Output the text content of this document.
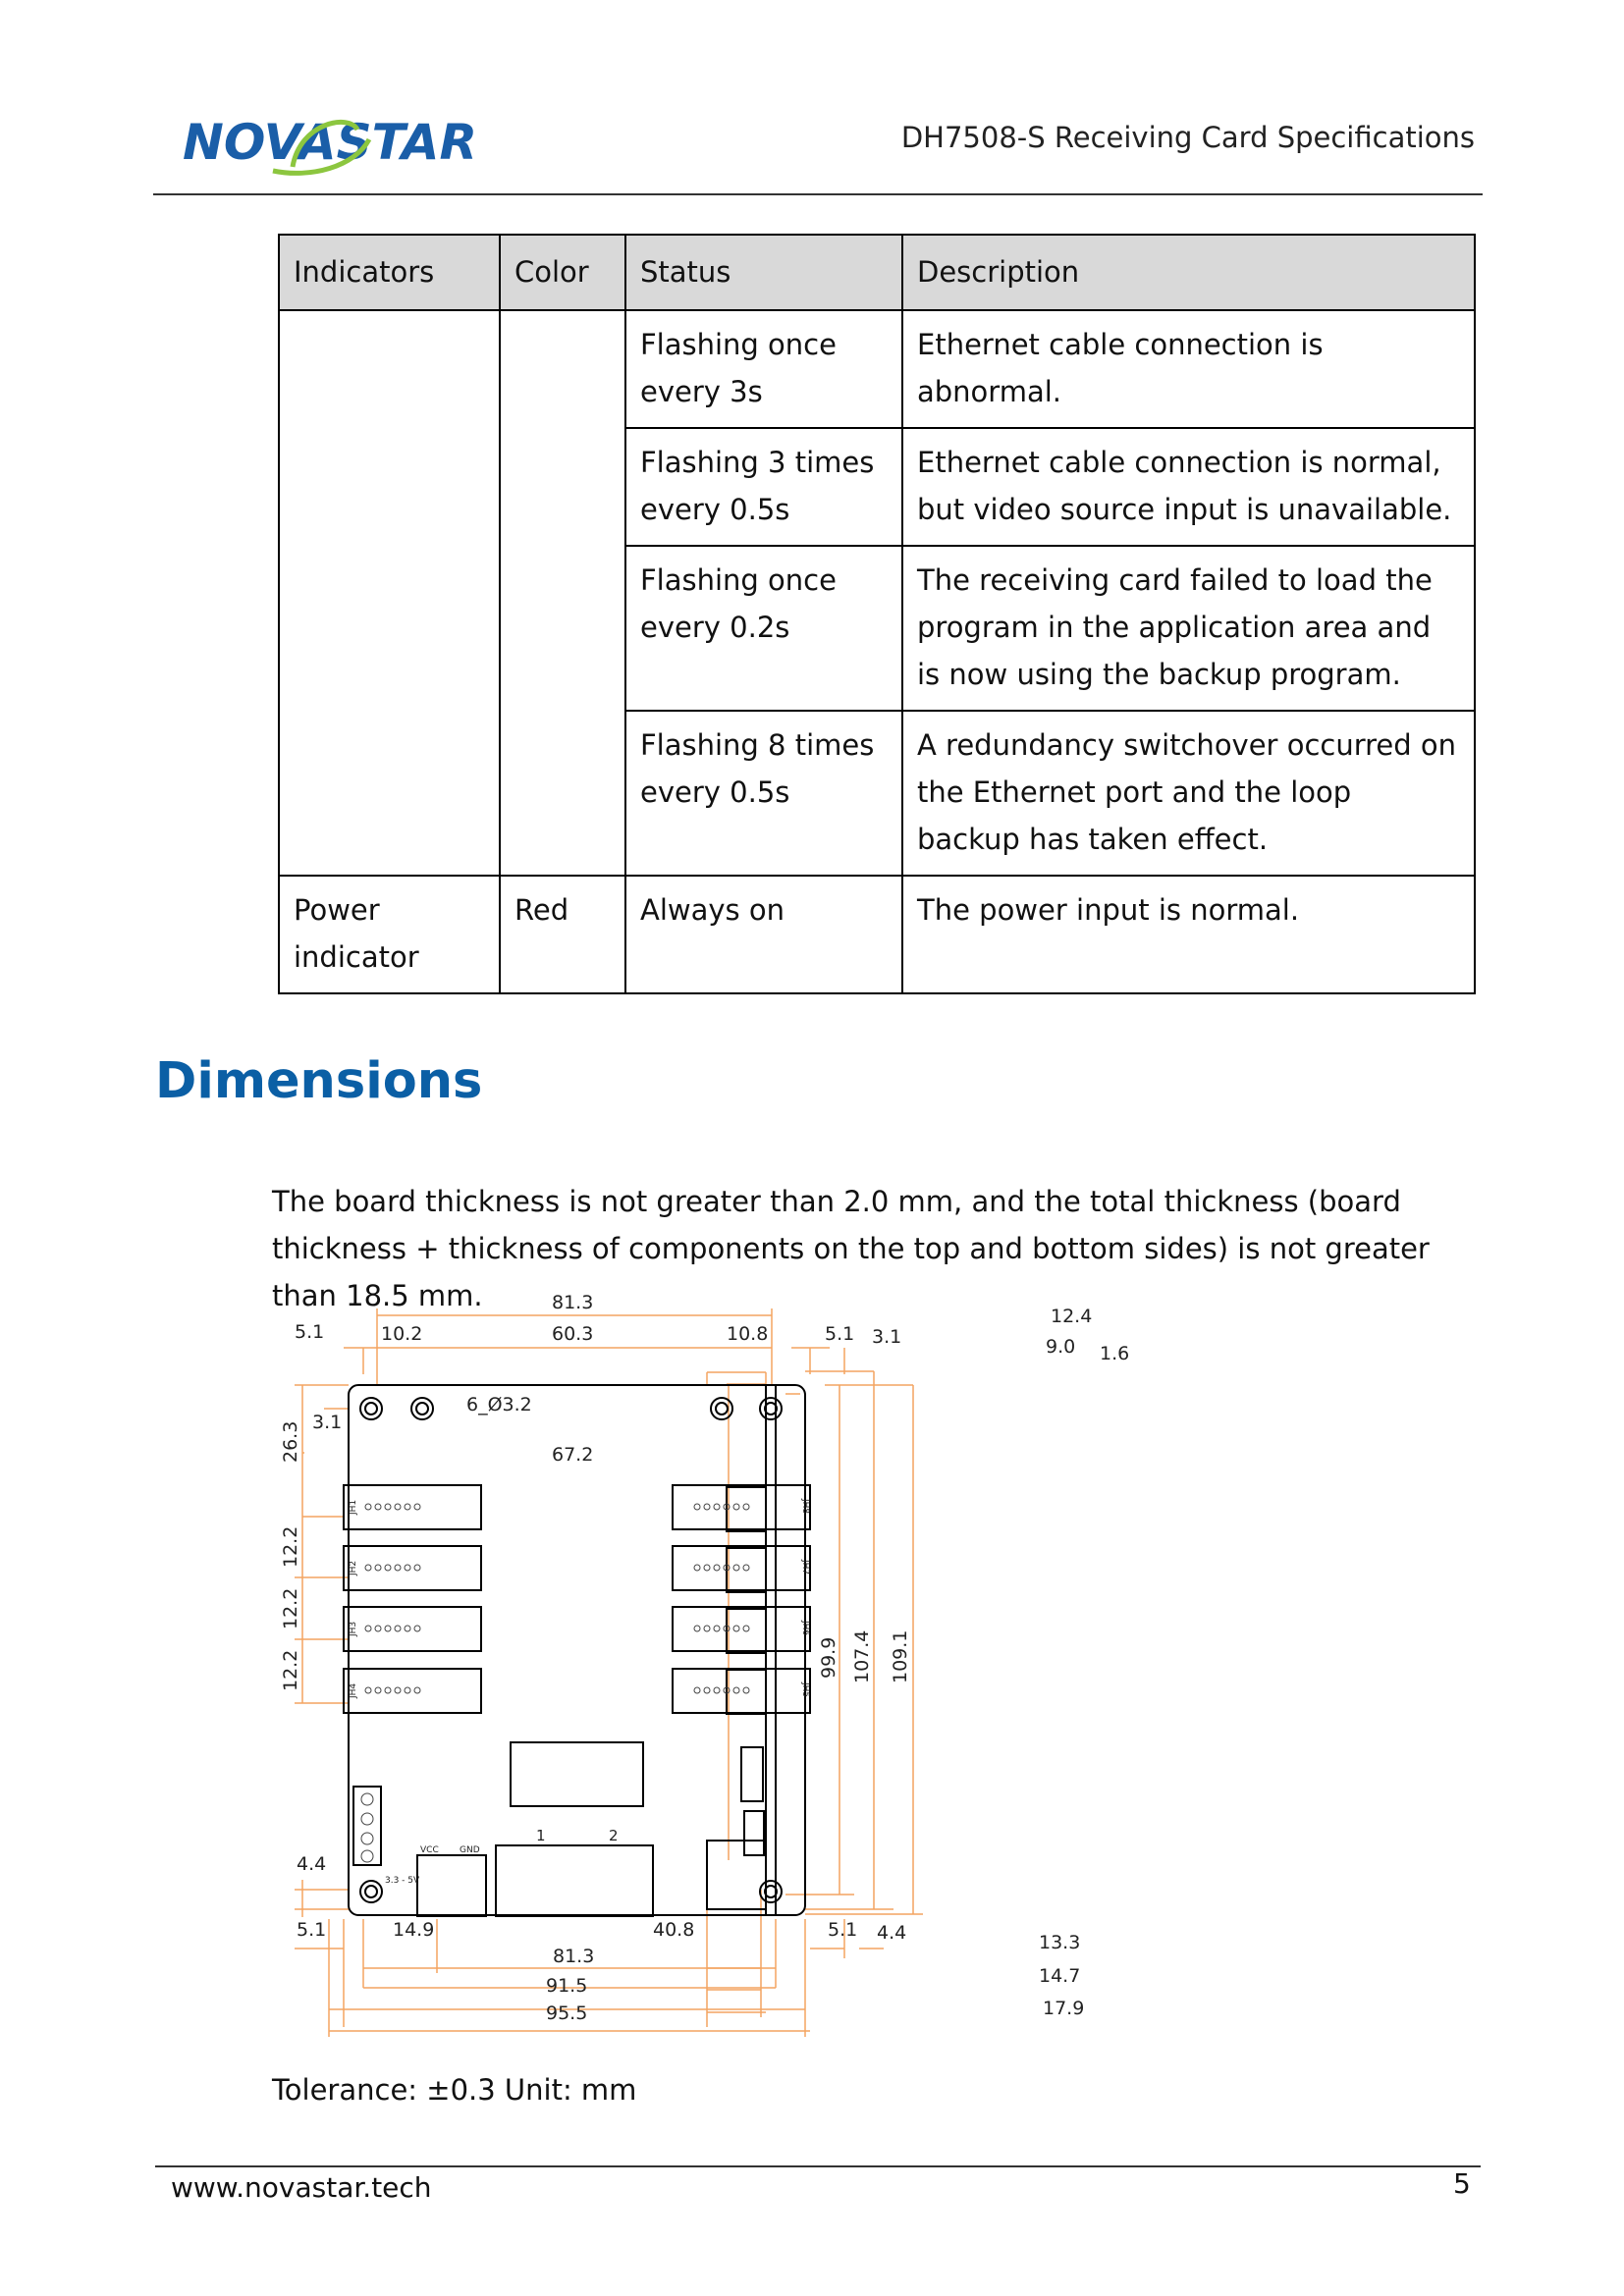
NOVASTAR	DH7508-S Receiving Card Specifications
Indicators	Color	Status	Description
		Flashing once every 3s	Ethernet cable connection is abnormal.
		Flashing 3 times every 0.5s	Ethernet cable connection is normal, but video source input is unavailable.
		Flashing once every 0.2s	The receiving card failed to load the program in the application area and is now using the backup program.
		Flashing 8 times every 0.5s	A redundancy switchover occurred on the Ethernet port and the loop backup has taken effect.
Power indicator	Red	Always on	The power input is normal.
Dimensions

The board thickness is not greater than 2.0 mm, and the total thickness (board thickness + thickness of components on the top and bottom sides) is not greater than 18.5 mm.	81.3
5.1	10.2	60.3	10.8	5.1 3.1
6_Ø3.2
67.2
3.1
4.4
5.1	14.9	40.8	5.1 4.4
81.3
91.5
95.5
12.4
9.0 1.6
13.3
14.7
17.9
1	2
VCC GND
3.3 - 5V
26.3
12.2
12.2
12.2	99.9 107.4 109.1
JH1
JH2
JH3
JH4
JH8
JH7
JH6
JH5

Tolerance: ±0.3 Unit: mm

www.novastar.tech	5
